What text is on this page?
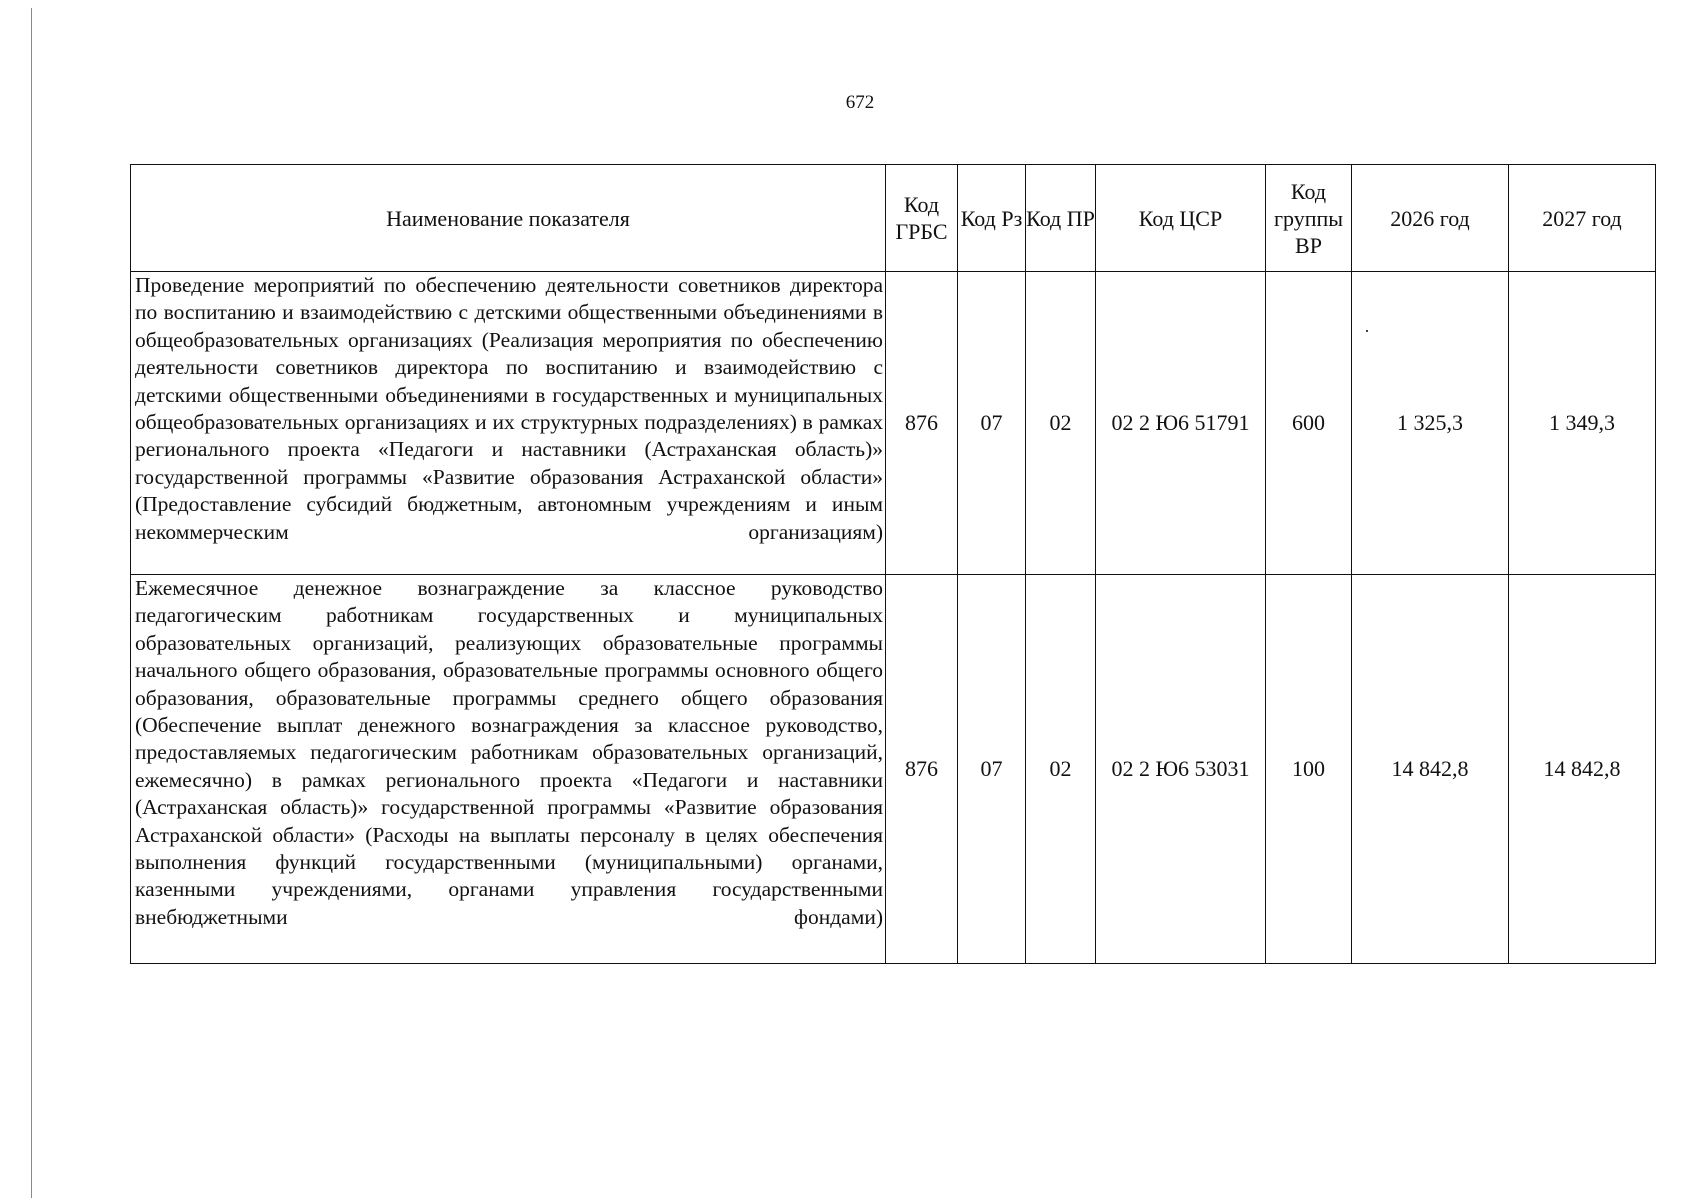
672
Наименование показателя	Код ГРБС	Код Рз	Код ПР	Код ЦСР	Код группы ВР	2026 год	2027 год
Проведение мероприятий по обеспечению деятельности советников директора по воспитанию и взаимодействию с детскими общественными объединениями в общеобразовательных организациях (Реализация мероприятия по обеспечению деятельности советников директора по воспитанию и взаимодействию с детскими общественными объединениями в государственных и муниципальных общеобразовательных организациях и их структурных подразделениях) в рамках регионального проекта «Педагоги и наставники (Астраханская область)» государственной программы «Развитие образования Астраханской области» (Предоставление субсидий бюджетным, автономным учреждениям и иным некоммерческим организациям)	876	07	02	02 2 Ю6 51791	600	1 325,3	1 349,3
Ежемесячное денежное вознаграждение за классное руководство педагогическим работникам государственных и муниципальных образовательных организаций, реализующих образовательные программы начального общего образования, образовательные программы основного общего образования, образовательные программы среднего общего образования (Обеспечение выплат денежного вознаграждения за классное руководство, предоставляемых педагогическим работникам образовательных организаций, ежемесячно) в рамках регионального проекта «Педагоги и наставники (Астраханская область)» государственной программы «Развитие образования Астраханской области» (Расходы на выплаты персоналу в целях обеспечения выполнения функций государственными (муниципальными) органами, казенными учреждениями, органами управления государственными внебюджетными фондами)	876	07	02	02 2 Ю6 53031	100	14 842,8	14 842,8
